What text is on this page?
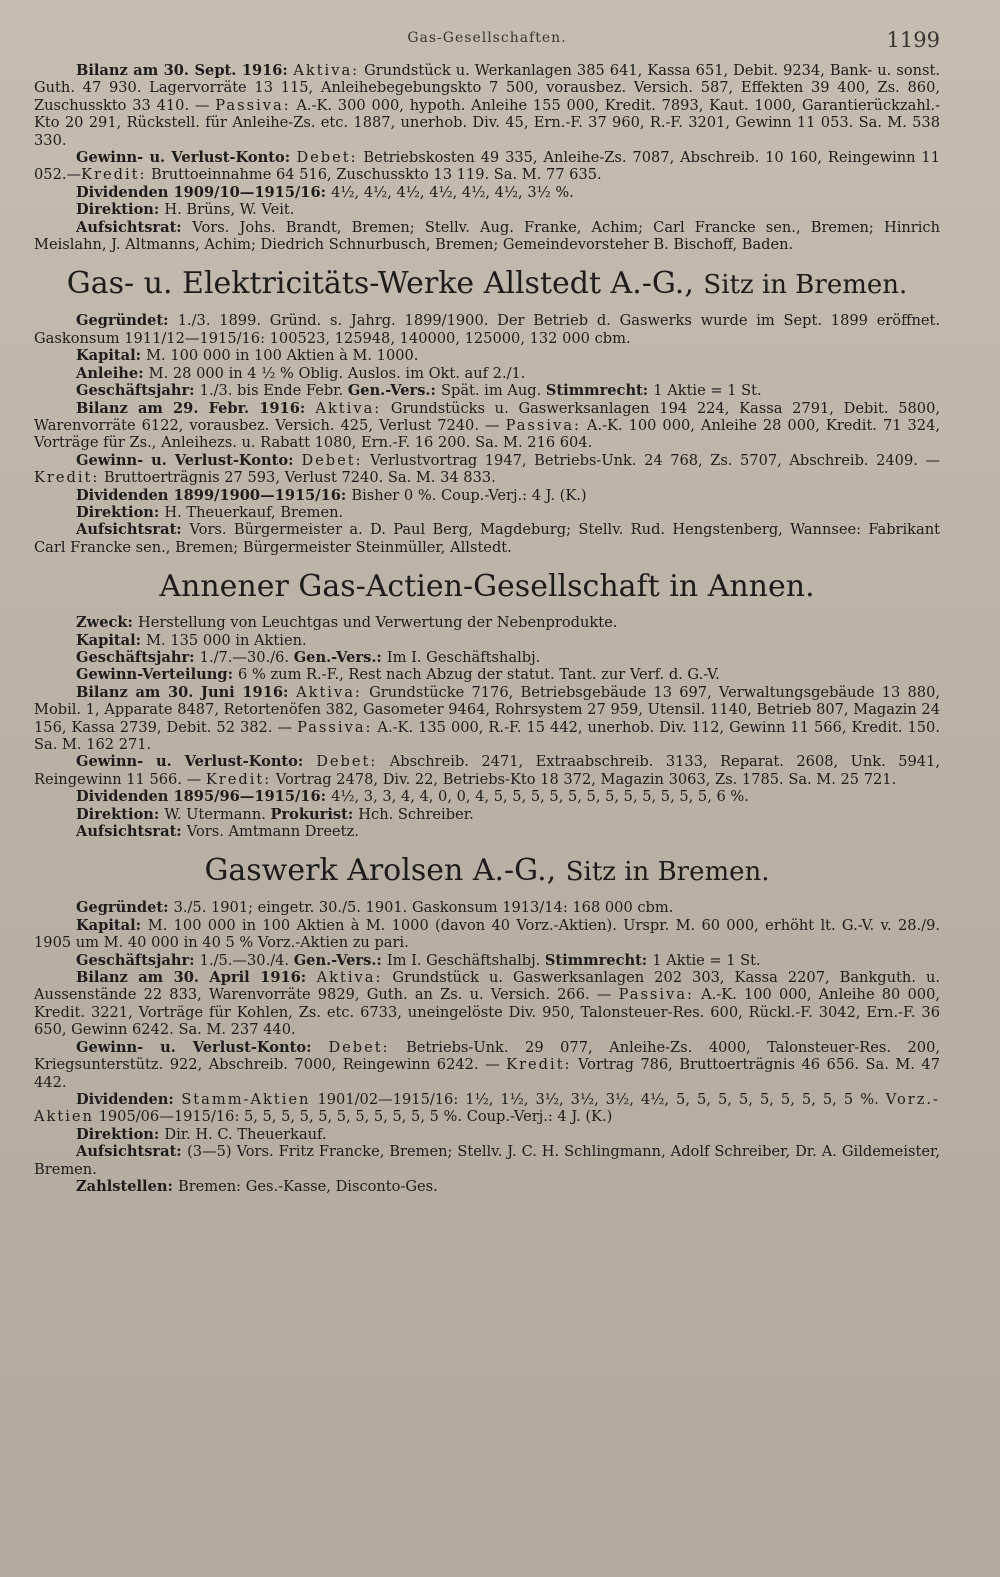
Gas-Gesellschaften.	1199

Bilanz am 30. Sept. 1916: Aktiva: Grundstück u. Werkanlagen 385 641, Kassa 651, Debit. 9234, Bank- u. sonst. Guth. 47 930. Lagervorräte 13 115, Anleihebegebungskto 7 500, vorausbez. Versich. 587, Effekten 39 400, Zs. 860, Zuschusskto 33 410. — Passiva: A.-K. 300 000, hypoth. Anleihe 155 000, Kredit. 7893, Kaut. 1000, Garantierückzahl.-Kto 20 291, Rückstell. für Anleihe-Zs. etc. 1887, unerhob. Div. 45, Ern.-F. 37 960, R.-F. 3201, Gewinn 11 053. Sa. M. 538 330.

Gewinn- u. Verlust-Konto: Debet: Betriebskosten 49 335, Anleihe-Zs. 7087, Abschreib. 10 160, Reingewinn 11 052.—Kredit: Bruttoeinnahme 64 516, Zuschusskto 13 119. Sa. M. 77 635.

Dividenden 1909/10—1915/16: 4½, 4½, 4½, 4½, 4½, 4½, 3½ %.

Direktion: H. Brüns, W. Veit.

Aufsichtsrat: Vors. Johs. Brandt, Bremen; Stellv. Aug. Franke, Achim; Carl Francke sen., Bremen; Hinrich Meislahn, J. Altmanns, Achim; Diedrich Schnurbusch, Bremen; Gemeindevorsteher B. Bischoff, Baden.

Gas- u. Elektricitäts-Werke Allstedt A.-G., Sitz in Bremen.

Gegründet: 1./3. 1899. Gründ. s. Jahrg. 1899/1900. Der Betrieb d. Gaswerks wurde im Sept. 1899 eröffnet. Gaskonsum 1911/12—1915/16: 100523, 125948, 140000, 125000, 132 000 cbm.

Kapital: M. 100 000 in 100 Aktien à M. 1000.

Anleihe: M. 28 000 in 4 ½ % Oblig. Auslos. im Okt. auf 2./1.

Geschäftsjahr: 1./3. bis Ende Febr. Gen.-Vers.: Spät. im Aug. Stimmrecht: 1 Aktie = 1 St.

Bilanz am 29. Febr. 1916: Aktiva: Grundstücks u. Gaswerksanlagen 194 224, Kassa 2791, Debit. 5800, Warenvorräte 6122, vorausbez. Versich. 425, Verlust 7240. — Passiva: A.-K. 100 000, Anleihe 28 000, Kredit. 71 324, Vorträge für Zs., Anleihezs. u. Rabatt 1080, Ern.-F. 16 200. Sa. M. 216 604.

Gewinn- u. Verlust-Konto: Debet: Verlustvortrag 1947, Betriebs-Unk. 24 768, Zs. 5707, Abschreib. 2409. — Kredit: Bruttoerträgnis 27 593, Verlust 7240. Sa. M. 34 833.

Dividenden 1899/1900—1915/16: Bisher 0 %. Coup.-Verj.: 4 J. (K.)

Direktion: H. Theuerkauf, Bremen.

Aufsichtsrat: Vors. Bürgermeister a. D. Paul Berg, Magdeburg; Stellv. Rud. Hengstenberg, Wannsee: Fabrikant Carl Francke sen., Bremen; Bürgermeister Steinmüller, Allstedt.

Annener Gas-Actien-Gesellschaft in Annen.

Zweck: Herstellung von Leuchtgas und Verwertung der Nebenprodukte.

Kapital: M. 135 000 in Aktien.

Geschäftsjahr: 1./7.—30./6. Gen.-Vers.: Im I. Geschäftshalbj.

Gewinn-Verteilung: 6 % zum R.-F., Rest nach Abzug der statut. Tant. zur Verf. d. G.-V.

Bilanz am 30. Juni 1916: Aktiva: Grundstücke 7176, Betriebsgebäude 13 697, Verwaltungsgebäude 13 880, Mobil. 1, Apparate 8487, Retortenöfen 382, Gasometer 9464, Rohrsystem 27 959, Utensil. 1140, Betrieb 807, Magazin 24 156, Kassa 2739, Debit. 52 382. — Passiva: A.-K. 135 000, R.-F. 15 442, unerhob. Div. 112, Gewinn 11 566, Kredit. 150. Sa. M. 162 271.

Gewinn- u. Verlust-Konto: Debet: Abschreib. 2471, Extraabschreib. 3133, Reparat. 2608, Unk. 5941, Reingewinn 11 566. — Kredit: Vortrag 2478, Div. 22, Betriebs-Kto 18 372, Magazin 3063, Zs. 1785. Sa. M. 25 721.

Dividenden 1895/96—1915/16: 4½, 3, 3, 4, 4, 0, 0, 4, 5, 5, 5, 5, 5, 5, 5, 5, 5, 5, 5, 5, 6 %.

Direktion: W. Utermann. Prokurist: Hch. Schreiber.

Aufsichtsrat: Vors. Amtmann Dreetz.

Gaswerk Arolsen A.-G., Sitz in Bremen.

Gegründet: 3./5. 1901; eingetr. 30./5. 1901. Gaskonsum 1913/14: 168 000 cbm.

Kapital: M. 100 000 in 100 Aktien à M. 1000 (davon 40 Vorz.-Aktien). Urspr. M. 60 000, erhöht lt. G.-V. v. 28./9. 1905 um M. 40 000 in 40 5 % Vorz.-Aktien zu pari.

Geschäftsjahr: 1./5.—30./4. Gen.-Vers.: Im I. Geschäftshalbj. Stimmrecht: 1 Aktie = 1 St.

Bilanz am 30. April 1916: Aktiva: Grundstück u. Gaswerksanlagen 202 303, Kassa 2207, Bankguth. u. Aussenstände 22 833, Warenvorräte 9829, Guth. an Zs. u. Versich. 266. — Passiva: A.-K. 100 000, Anleihe 80 000, Kredit. 3221, Vorträge für Kohlen, Zs. etc. 6733, uneingelöste Div. 950, Talonsteuer-Res. 600, Rückl.-F. 3042, Ern.-F. 36 650, Gewinn 6242. Sa. M. 237 440.

Gewinn- u. Verlust-Konto: Debet: Betriebs-Unk. 29 077, Anleihe-Zs. 4000, Talonsteuer-Res. 200, Kriegsunterstütz. 922, Abschreib. 7000, Reingewinn 6242. — Kredit: Vortrag 786, Bruttoerträgnis 46 656. Sa. M. 47 442.

Dividenden: Stamm-Aktien 1901/02—1915/16: 1½, 1½, 3½, 3½, 3½, 4½, 5, 5, 5, 5, 5, 5, 5, 5, 5 %. Vorz.-Aktien 1905/06—1915/16: 5, 5, 5, 5, 5, 5, 5, 5, 5, 5, 5 %. Coup.-Verj.: 4 J. (K.)

Direktion: Dir. H. C. Theuerkauf.

Aufsichtsrat: (3—5) Vors. Fritz Francke, Bremen; Stellv. J. C. H. Schlingmann, Adolf Schreiber, Dr. A. Gildemeister, Bremen.

Zahlstellen: Bremen: Ges.-Kasse, Disconto-Ges.
